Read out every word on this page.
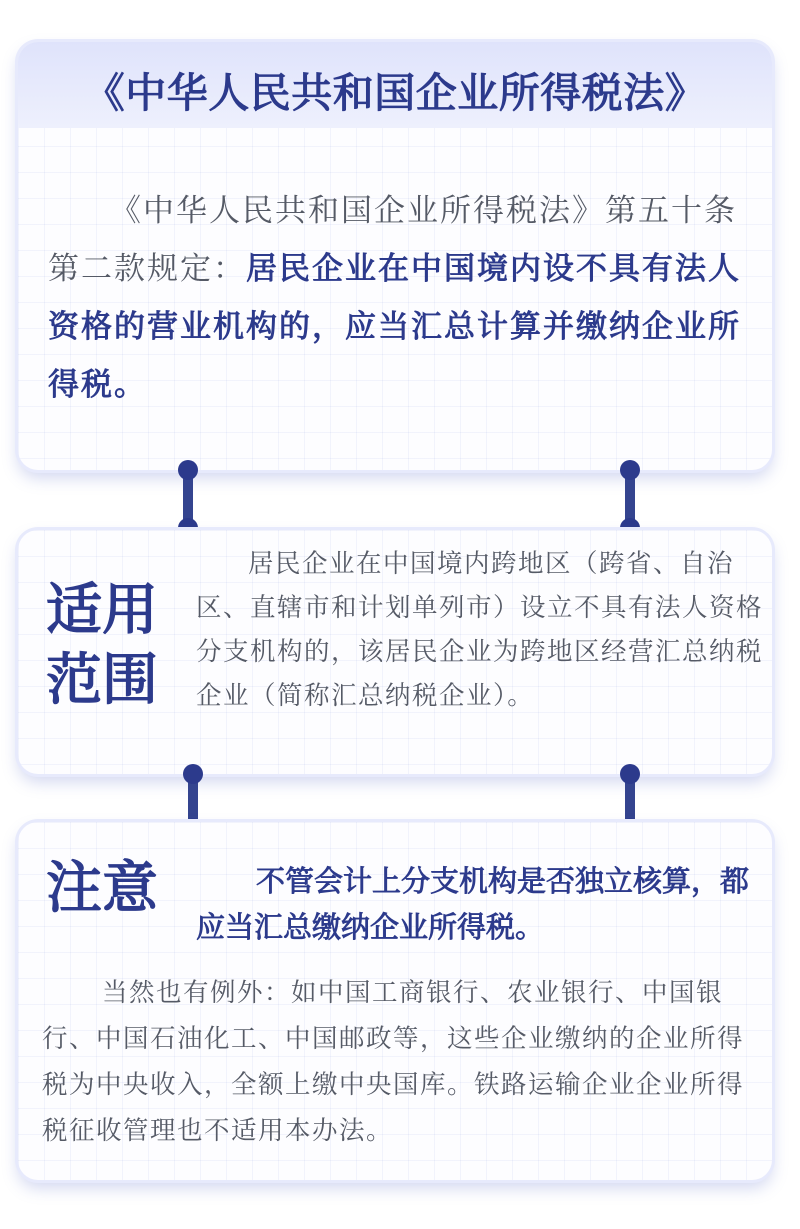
《中华人民共和国企业所得税法》
《中华人民共和国企业所得税法》第五十条第二款规定：居民企业在中国境内设不具有法人资格的营业机构的，应当汇总计算并缴纳企业所得税。
适用范围
居民企业在中国境内跨地区（跨省、自治区、直辖市和计划单列市）设立不具有法人资格分支机构的，该居民企业为跨地区经营汇总纳税企业（简称汇总纳税企业）。
注意	不管会计上分支机构是否独立核算，都应当汇总缴纳企业所得税。
当然也有例外：如中国工商银行、农业银行、中国银行、中国石油化工、中国邮政等，这些企业缴纳的企业所得税为中央收入，全额上缴中央国库。铁路运输企业企业所得税征收管理也不适用本办法。
